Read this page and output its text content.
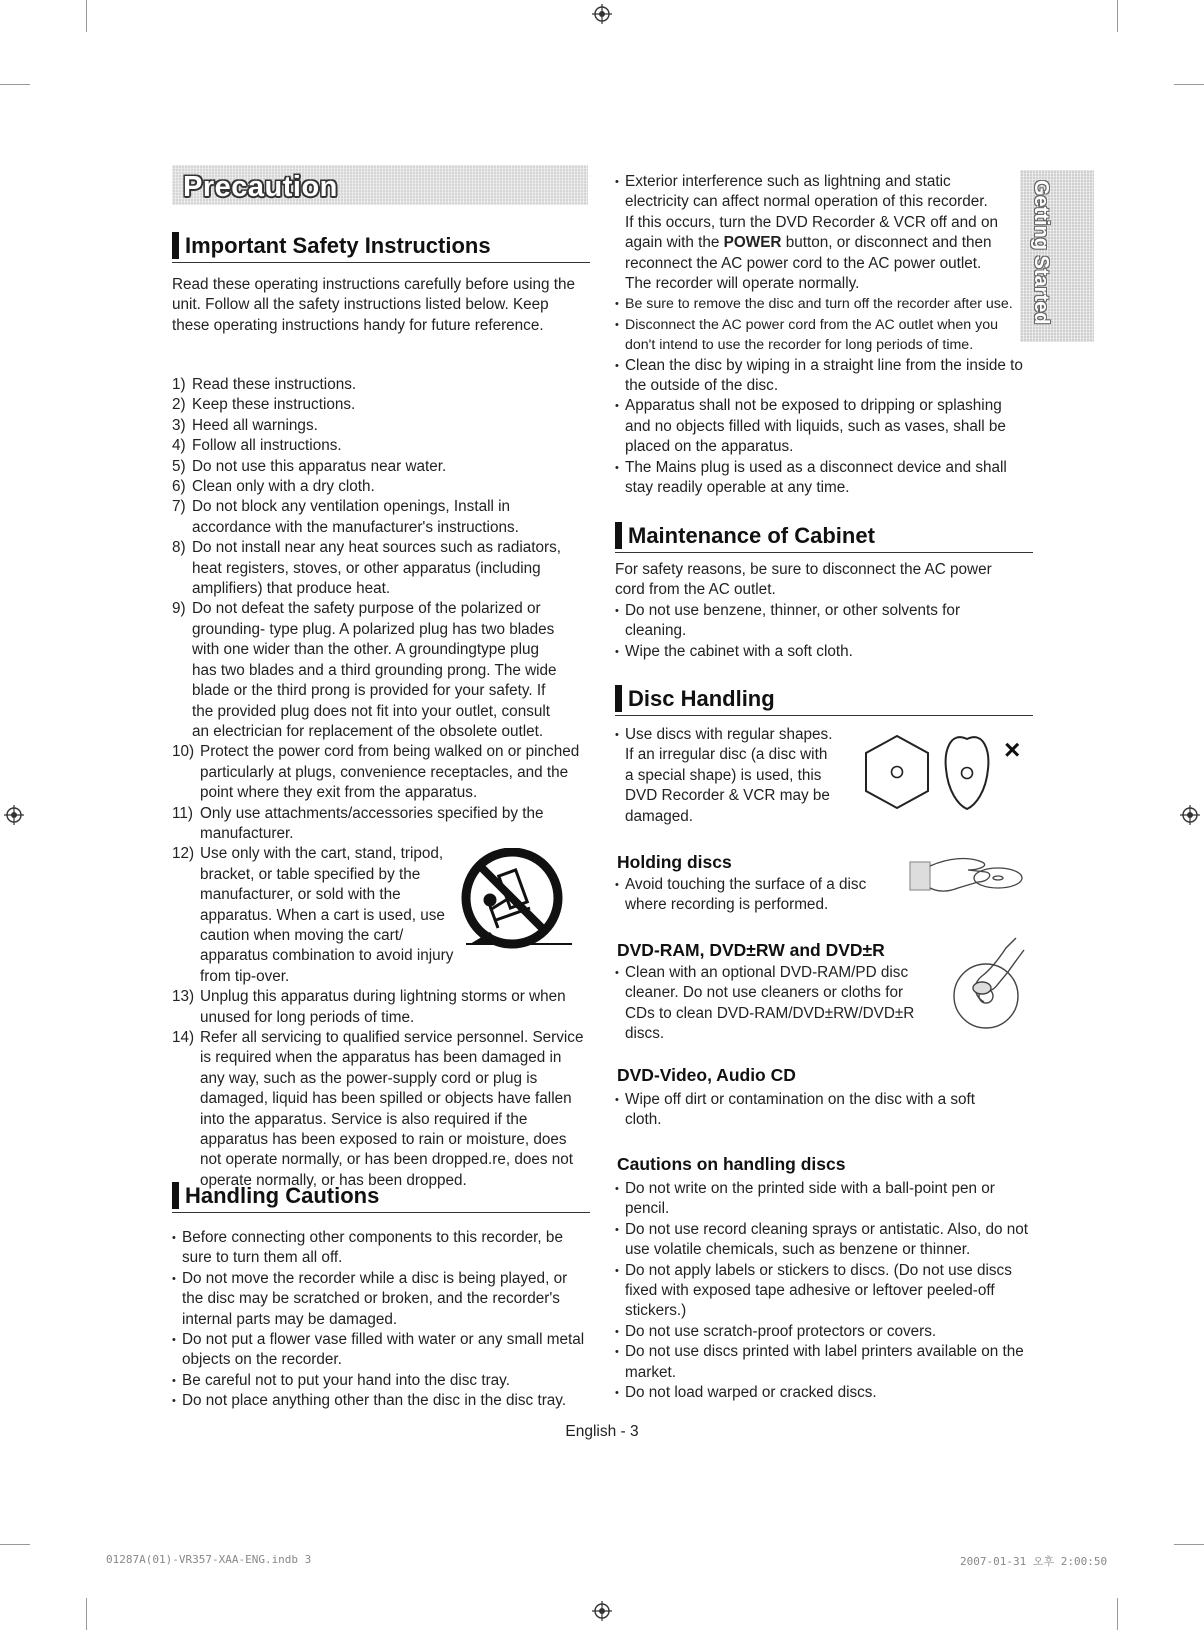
Precaution	Getting Started
Important Safety Instructions
Read these operating instructions carefully before using the unit. Follow all the safety instructions listed below. Keep these operating instructions handy for future reference.
1) Read these instructions.
2) Keep these instructions.
3) Heed all warnings.
4) Follow all instructions.
5) Do not use this apparatus near water.
6) Clean only with a dry cloth.
7) Do not block any ventilation openings, Install in accordance with the manufacturer's instructions.
8) Do not install near any heat sources such as radiators, heat registers, stoves, or other apparatus (including amplifiers) that produce heat.
9) Do not defeat the safety purpose of the polarized or grounding- type plug. A polarized plug has two blades with one wider than the other. A groundingtype plug has two blades and a third grounding prong. The wide blade or the third prong is provided for your safety. If the provided plug does not fit into your outlet, consult an electrician for replacement of the obsolete outlet.
10) Protect the power cord from being walked on or pinched particularly at plugs, convenience receptacles, and the point where they exit from the apparatus.
11) Only use attachments/accessories specified by the manufacturer.
12) Use only with the cart, stand, tripod, bracket, or table specified by the manufacturer, or sold with the apparatus. When a cart is used, use caution when moving the cart/ apparatus combination to avoid injury from tip-over.
13) Unplug this apparatus during lightning storms or when unused for long periods of time.
14) Refer all servicing to qualified service personnel. Service is required when the apparatus has been damaged in any way, such as the power-supply cord or plug is damaged, liquid has been spilled or objects have fallen into the apparatus. Service is also required if the apparatus has been exposed to rain or moisture, does not operate normally, or has been dropped.re, does not operate normally, or has been dropped.
Handling Cautions
• Before connecting other components to this recorder, be sure to turn them all off.
• Do not move the recorder while a disc is being played, or the disc may be scratched or broken, and the recorder's internal parts may be damaged.
• Do not put a flower vase filled with water or any small metal objects on the recorder.
• Be careful not to put your hand into the disc tray.
• Do not place anything other than the disc in the disc tray.
• Exterior interference such as lightning and static
electricity can affect normal operation of this recorder.
If this occurs, turn the DVD Recorder & VCR off and on
again with the POWER button, or disconnect and then
reconnect the AC power cord to the AC power outlet.
The recorder will operate normally.
• Be sure to remove the disc and turn off the recorder after use.
• Disconnect the AC power cord from the AC outlet when you don't intend to use the recorder for long periods of time.
• Clean the disc by wiping in a straight line from the inside to the outside of the disc.
• Apparatus shall not be exposed to dripping or splashing and no objects filled with liquids, such as vases, shall be placed on the apparatus.
• The Mains plug is used as a disconnect device and shall stay readily operable at any time.
Maintenance of Cabinet

For safety reasons, be sure to disconnect the AC power cord from the AC outlet.

• Do not use benzene, thinner, or other solvents for cleaning.
• Wipe the cabinet with a soft cloth.
Disc Handling
• Use discs with regular shapes. If an irregular disc (a disc with a special shape) is used, this DVD Recorder & VCR may be damaged.
×
Holding discs
• Avoid touching the surface of a disc where recording is performed.
DVD-RAM, DVD±RW and DVD±R
• Clean with an optional DVD-RAM/PD disc cleaner. Do not use cleaners or cloths for CDs to clean DVD-RAM/DVD±RW/DVD±R discs.
DVD-Video, Audio CD
• Wipe off dirt or contamination on the disc with a soft cloth.
Cautions on handling discs
• Do not write on the printed side with a ball-point pen or pencil.
• Do not use record cleaning sprays or antistatic. Also, do not use volatile chemicals, such as benzene or thinner.
• Do not apply labels or stickers to discs. (Do not use discs fixed with exposed tape adhesive or leftover peeled-off stickers.)
• Do not use scratch-proof protectors or covers.
• Do not use discs printed with label printers available on the market.
• Do not load warped or cracked discs.
English - 3
01287A(01)-VR357-XAA-ENG.indb 3	2007-01-31 오후 2:00:50
